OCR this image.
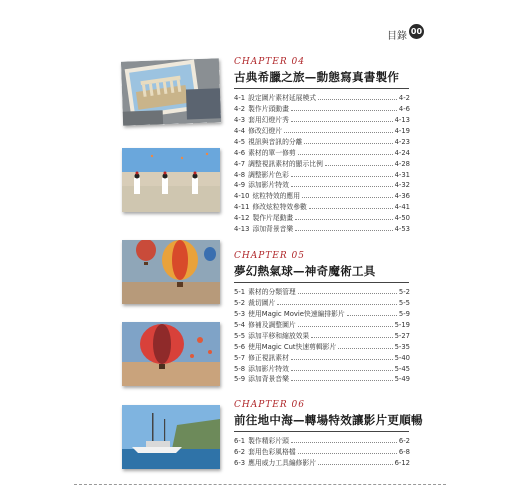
目錄 00
CHAPTER 04
古典希臘之旅—動態寫真書製作
4-1 設定圖片素材延展模式	4-2
4-2 製作片頭動畫	4-6
4-3 套用幻燈片秀	4-13
4-4 修改幻燈片	4-19
4-5 視訊與音訊的分離	4-23
4-6 素材的單一修剪	4-24
4-7 調整視訊素材的顯示比例	4-28
4-8 調整影片色彩	4-31
4-9 添加影片特效	4-32
4-10 炫粒特效的應用	4-36
4-11 修改炫粒特效參數	4-41
4-12 製作片尾動畫	4-50
4-13 添加背景音樂	4-53
CHAPTER 05
夢幻熱氣球—神奇魔術工具
5-1 素材的分類管理	5-2
5-2 裁切圖片	5-5
5-3 使用Magic Movie快速編排影片	5-9
5-4 修補及調整圖片	5-19
5-5 添加平移和縮放效果	5-27
5-6 使用Magic Cut快速剪輯影片	5-35
5-7 修正視訊素材	5-40
5-8 添加影片特效	5-45
5-9 添加背景音樂	5-49
CHAPTER 06
前往地中海—轉場特效讓影片更順暢
6-1 製作精彩片頭	6-2
6-2 套用色彩風格檔	6-8
6-3 應用威力工具編修影片	6-12
